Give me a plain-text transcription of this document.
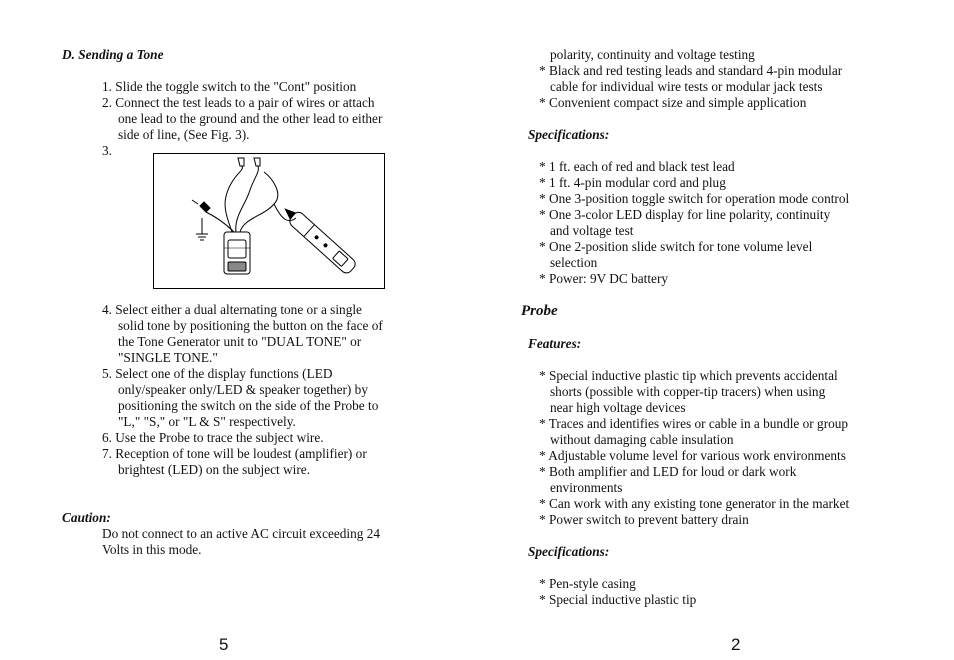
D. Sending a Tone
1. Slide the toggle switch to the "Cont" position
2. Connect the test leads to a pair of wires or attach
one lead to the ground and the other lead to either
side of line, (See Fig. 3).
3.
4. Select either a dual alternating tone or a single
solid tone by positioning the button on the face of
the Tone Generator unit to "DUAL TONE" or
"SINGLE TONE."
5. Select one of the display functions (LED
only/speaker only/LED & speaker together) by
positioning the switch on the side of the Probe to
"L," "S," or "L & S" respectively.
6. Use the Probe to trace the subject wire.
7. Reception of tone will be loudest (amplifier) or
brightest (LED) on the subject wire.
Caution:
Do not connect to an active AC circuit exceeding 24
Volts in this mode.
5
polarity, continuity and voltage testing
* Black and red testing leads and standard 4-pin modular
cable for individual wire tests or modular jack tests
* Convenient compact size and simple application
Specifications:
* 1 ft. each of red and black test lead
* 1 ft. 4-pin modular cord and plug
* One 3-position toggle switch for operation mode control
* One 3-color LED display for line polarity, continuity
and voltage test
* One 2-position slide switch for tone volume level
selection
* Power: 9V DC battery
Probe
Features:
* Special inductive plastic tip which prevents accidental
shorts (possible with copper-tip tracers) when using
near high voltage devices
* Traces and identifies wires or cable in a bundle or group
without damaging cable insulation
* Adjustable volume level for various work environments
* Both amplifier and LED for loud or dark work
environments
* Can work with any existing tone generator in the market
* Power switch to prevent battery drain
Specifications:
* Pen-style casing
* Special inductive plastic tip
2
